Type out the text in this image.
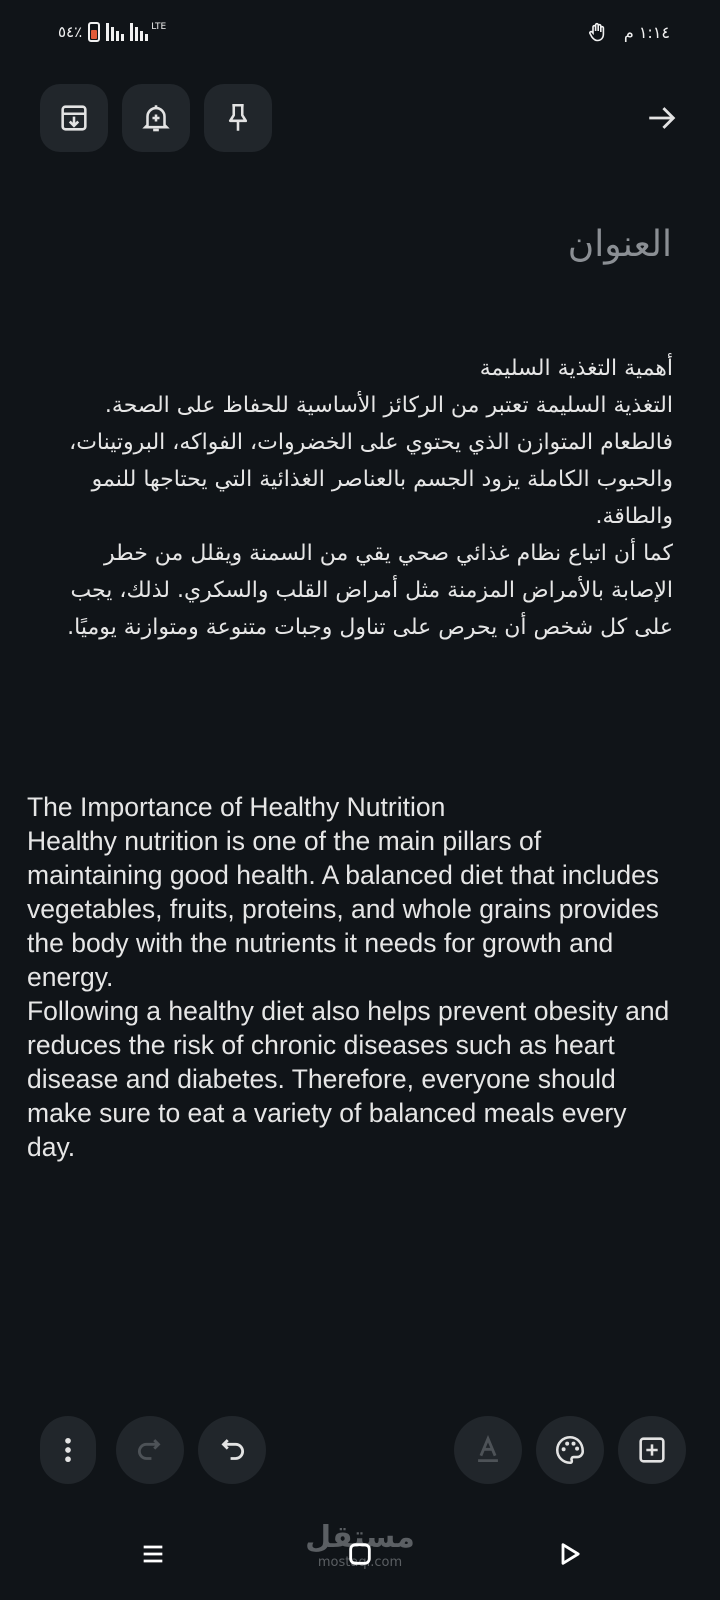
٥٤٪	LTE	١:١٤ م
العنوان

أهمية التغذية السليمة

التغذية السليمة تعتبر من الركائز الأساسية للحفاظ على الصحة.

فالطعام المتوازن الذي يحتوي على الخضروات، الفواكه، البروتينات، والحبوب الكاملة يزود الجسم بالعناصر الغذائية التي يحتاجها للنمو والطاقة.

كما أن اتباع نظام غذائي صحي يقي من السمنة ويقلل من خطر الإصابة بالأمراض المزمنة مثل أمراض القلب والسكري. لذلك، يجب على كل شخص أن يحرص على تناول وجبات متنوعة ومتوازنة يوميًا.

The Importance of Healthy Nutrition

Healthy nutrition is one of the main pillars of maintaining good health. A balanced diet that includes vegetables, fruits, proteins, and whole grains provides the body with the nutrients it needs for growth and energy.

Following a healthy diet also helps prevent obesity and reduces the risk of chronic diseases such as heart disease and diabetes. Therefore, everyone should make sure to eat a variety of balanced meals every day.

مستقل
mostaql.com
